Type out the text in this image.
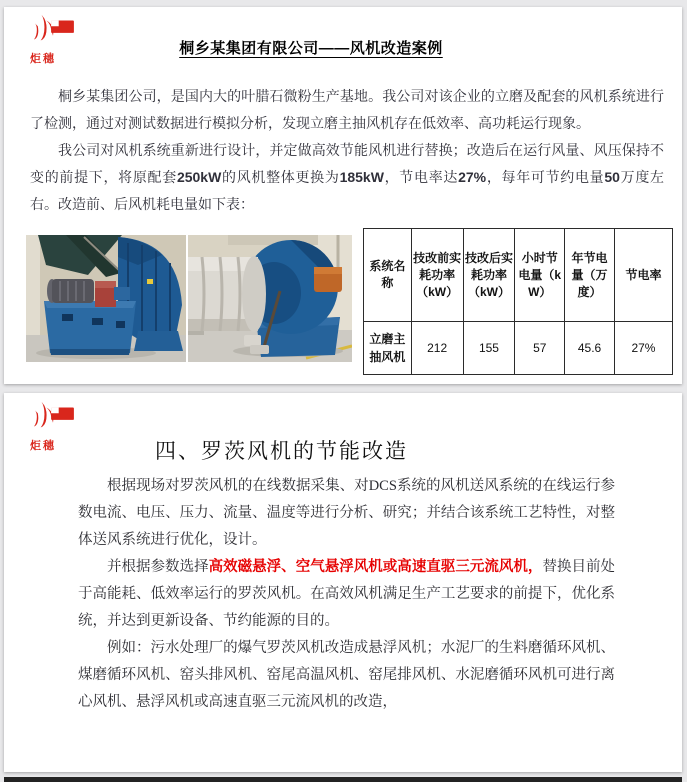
炬穗
桐乡某集团有限公司——风机改造案例

桐乡某集团公司，是国内大的叶腊石微粉生产基地。我公司对该企业的立磨及配套的风机系统进行了检测，通过对测试数据进行模拟分析，发现立磨主抽风机存在低效率、高功耗运行现象。

我公司对风机系统重新进行设计，并定做高效节能风机进行替换；改造后在运行风量、风压保持不变的前提下，将原配套250kW的风机整体更换为185kW，节电率达27%，每年可节约电量50万度左右。改造前、后风机耗电量如下表：

系统名称	技改前实耗功率（kW）	技改后实耗功率（kW）	小时节电量（kW）	年节电量（万度）	节电率
立磨主抽风机	212	155	57	45.6	27%
炬穗	四、罗茨风机的节能改造

根据现场对罗茨风机的在线数据采集、对DCS系统的风机送风系统的在线运行参数电流、电压、压力、流量、温度等进行分析、研究；并结合该系统工艺特性，对整体送风系统进行优化，设计。

并根据参数选择高效磁悬浮、空气悬浮风机或高速直驱三元流风机，替换目前处于高能耗、低效率运行的罗茨风机。在高效风机满足生产工艺要求的前提下，优化系统，并达到更新设备、节约能源的目的。

例如：污水处理厂的爆气罗茨风机改造成悬浮风机；水泥厂的生料磨循环风机、煤磨循环风机、窑头排风机、窑尾高温风机、窑尾排风机、水泥磨循环风机可进行离心风机、悬浮风机或高速直驱三元流风机的改造，
